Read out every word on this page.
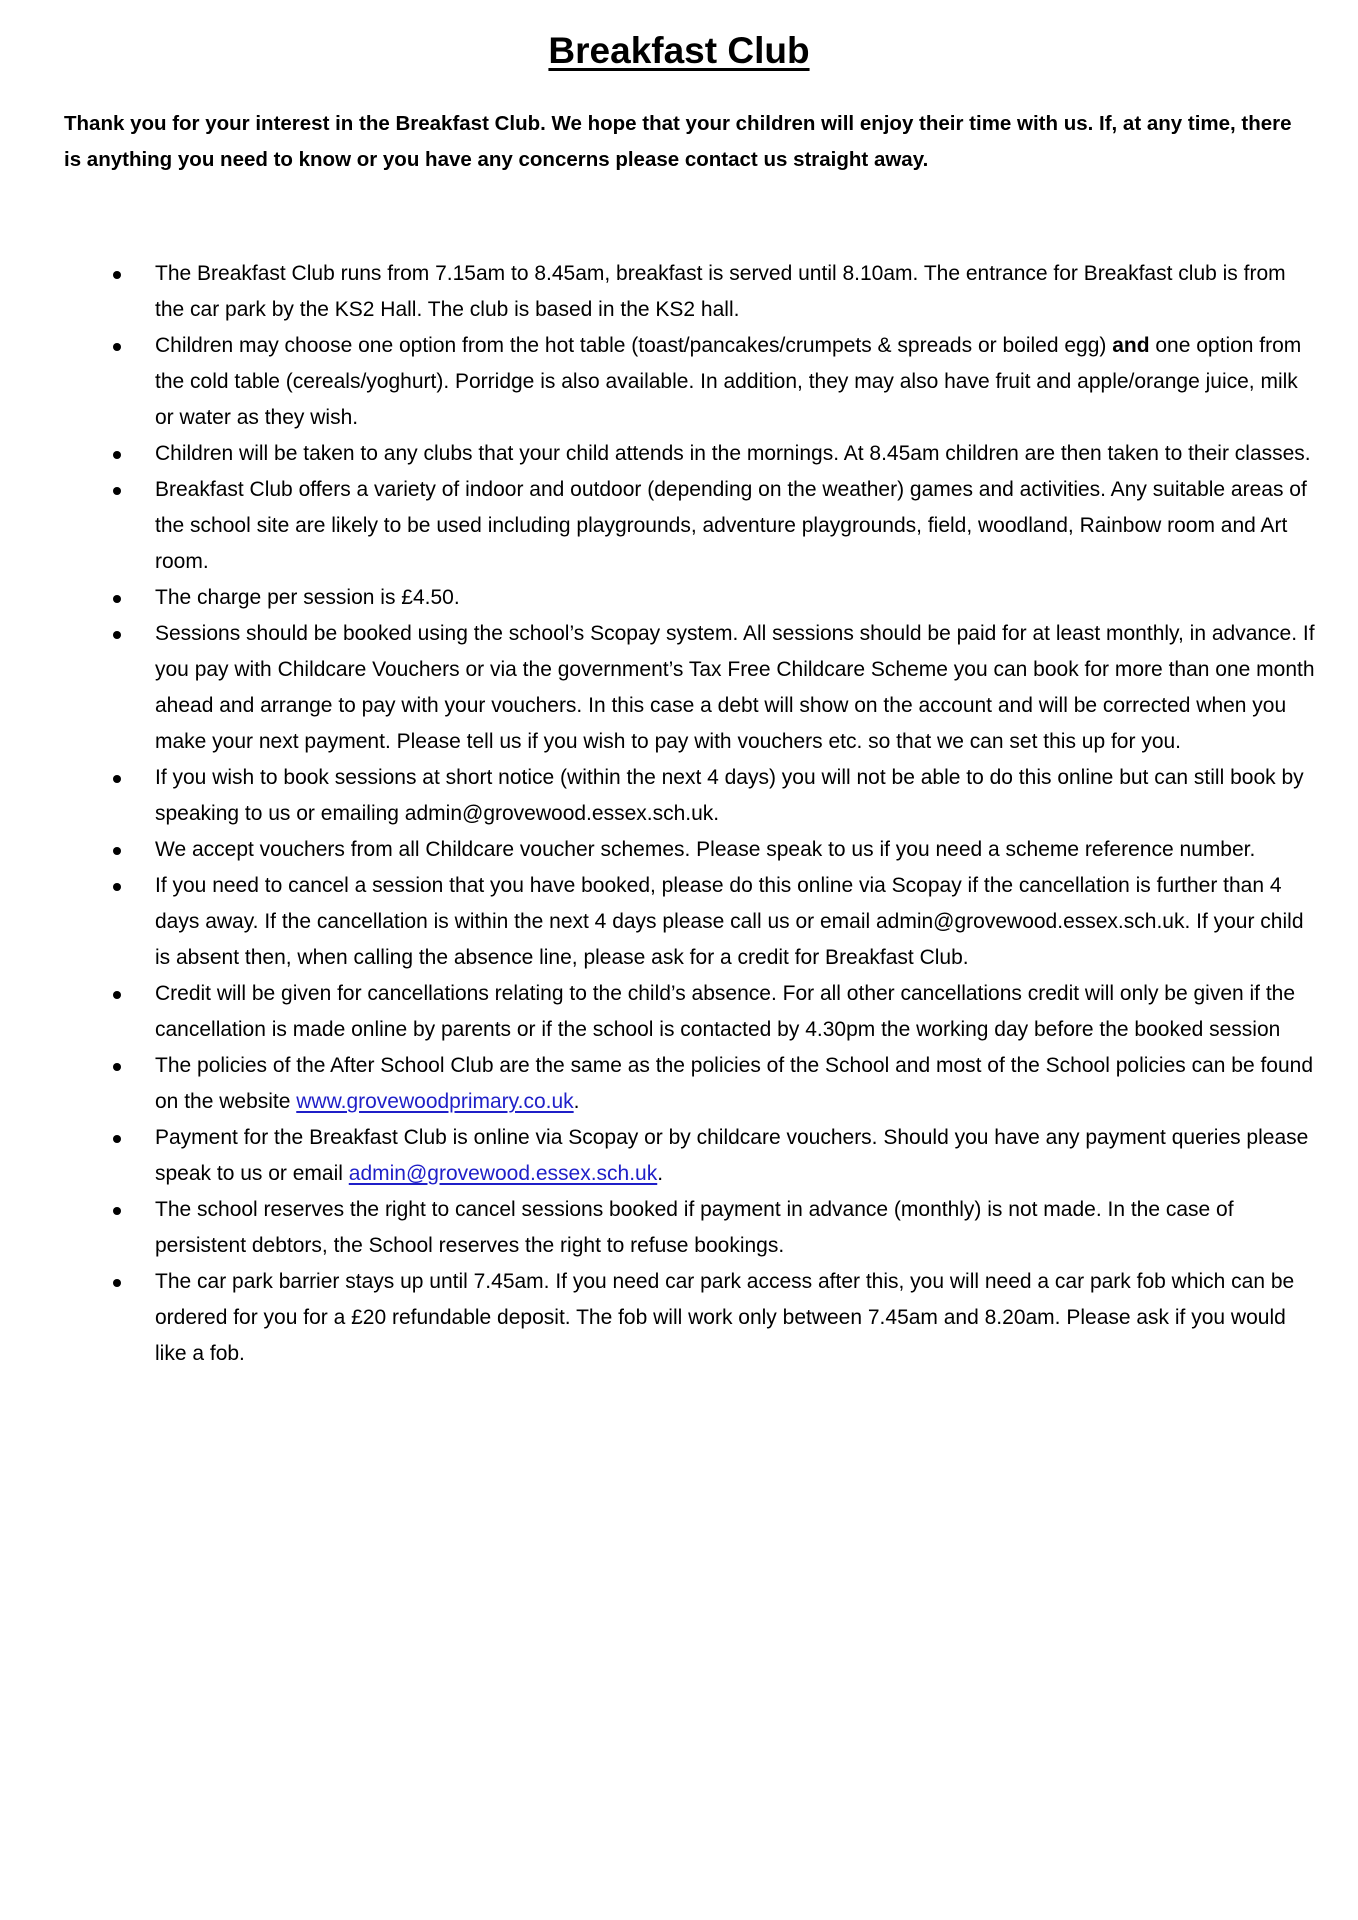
Breakfast Club

Thank you for your interest in the Breakfast Club. We hope that your children will enjoy their time with us. If, at any time, there is anything you need to know or you have any concerns please contact us straight away.

The Breakfast Club runs from 7.15am to 8.45am, breakfast is served until 8.10am. The entrance for Breakfast club is from the car park by the KS2 Hall. The club is based in the KS2 hall.
Children may choose one option from the hot table (toast/pancakes/crumpets & spreads or boiled egg) and one option from the cold table (cereals/yoghurt). Porridge is also available. In addition, they may also have fruit and apple/orange juice, milk or water as they wish.
Children will be taken to any clubs that your child attends in the mornings. At 8.45am children are then taken to their classes.
Breakfast Club offers a variety of indoor and outdoor (depending on the weather) games and activities. Any suitable areas of the school site are likely to be used including playgrounds, adventure playgrounds, field, woodland, Rainbow room and Art room.
The charge per session is £4.50.
Sessions should be booked using the school’s Scopay system. All sessions should be paid for at least monthly, in advance. If you pay with Childcare Vouchers or via the government’s Tax Free Childcare Scheme you can book for more than one month ahead and arrange to pay with your vouchers. In this case a debt will show on the account and will be corrected when you make your next payment. Please tell us if you wish to pay with vouchers etc. so that we can set this up for you.
If you wish to book sessions at short notice (within the next 4 days) you will not be able to do this online but can still book by speaking to us or emailing admin@grovewood.essex.sch.uk.
We accept vouchers from all Childcare voucher schemes. Please speak to us if you need a scheme reference number.
If you need to cancel a session that you have booked, please do this online via Scopay if the cancellation is further than 4 days away. If the cancellation is within the next 4 days please call us or email admin@grovewood.essex.sch.uk. If your child is absent then, when calling the absence line, please ask for a credit for Breakfast Club.
Credit will be given for cancellations relating to the child’s absence. For all other cancellations credit will only be given if the cancellation is made online by parents or if the school is contacted by 4.30pm the working day before the booked session
The policies of the After School Club are the same as the policies of the School and most of the School policies can be found on the website www.grovewoodprimary.co.uk.
Payment for the Breakfast Club is online via Scopay or by childcare vouchers. Should you have any payment queries please speak to us or email admin@grovewood.essex.sch.uk.
The school reserves the right to cancel sessions booked if payment in advance (monthly) is not made. In the case of persistent debtors, the School reserves the right to refuse bookings.
The car park barrier stays up until 7.45am. If you need car park access after this, you will need a car park fob which can be ordered for you for a £20 refundable deposit. The fob will work only between 7.45am and 8.20am. Please ask if you would like a fob.
